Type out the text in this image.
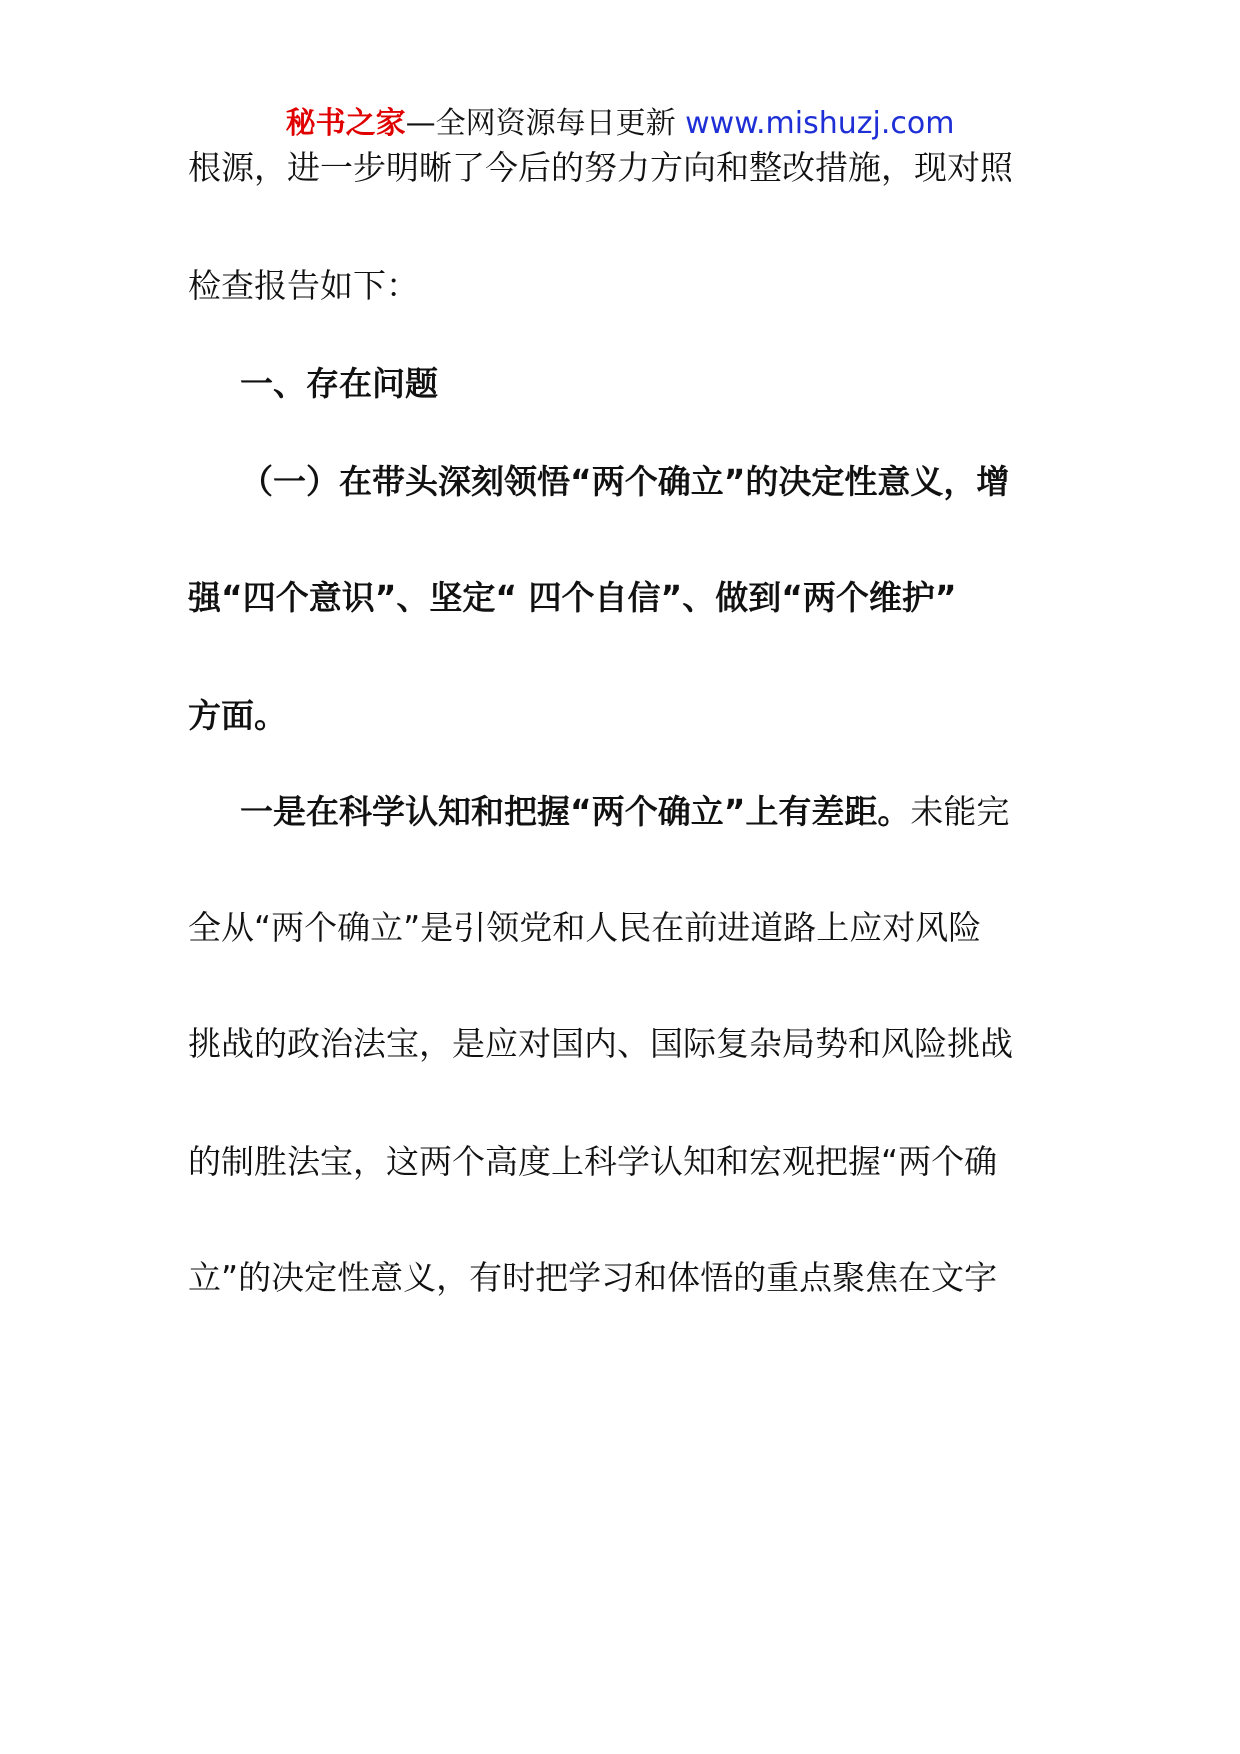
秘书之家—全网资源每日更新 www.mishuzj.com
根源，进一步明晰了今后的努力方向和整改措施，现对照
检查报告如下：
一、存在问题
（一）在带头深刻领悟“两个确立”的决定性意义，增
强“四个意识”、坚定“ 四个自信”、做到“两个维护”
方面。
一是在科学认知和把握“两个确立”上有差距。未能完
全从“两个确立”是引领党和人民在前进道路上应对风险
挑战的政治法宝，是应对国内、国际复杂局势和风险挑战
的制胜法宝，这两个高度上科学认知和宏观把握“两个确
立”的决定性意义，有时把学习和体悟的重点聚焦在文字
